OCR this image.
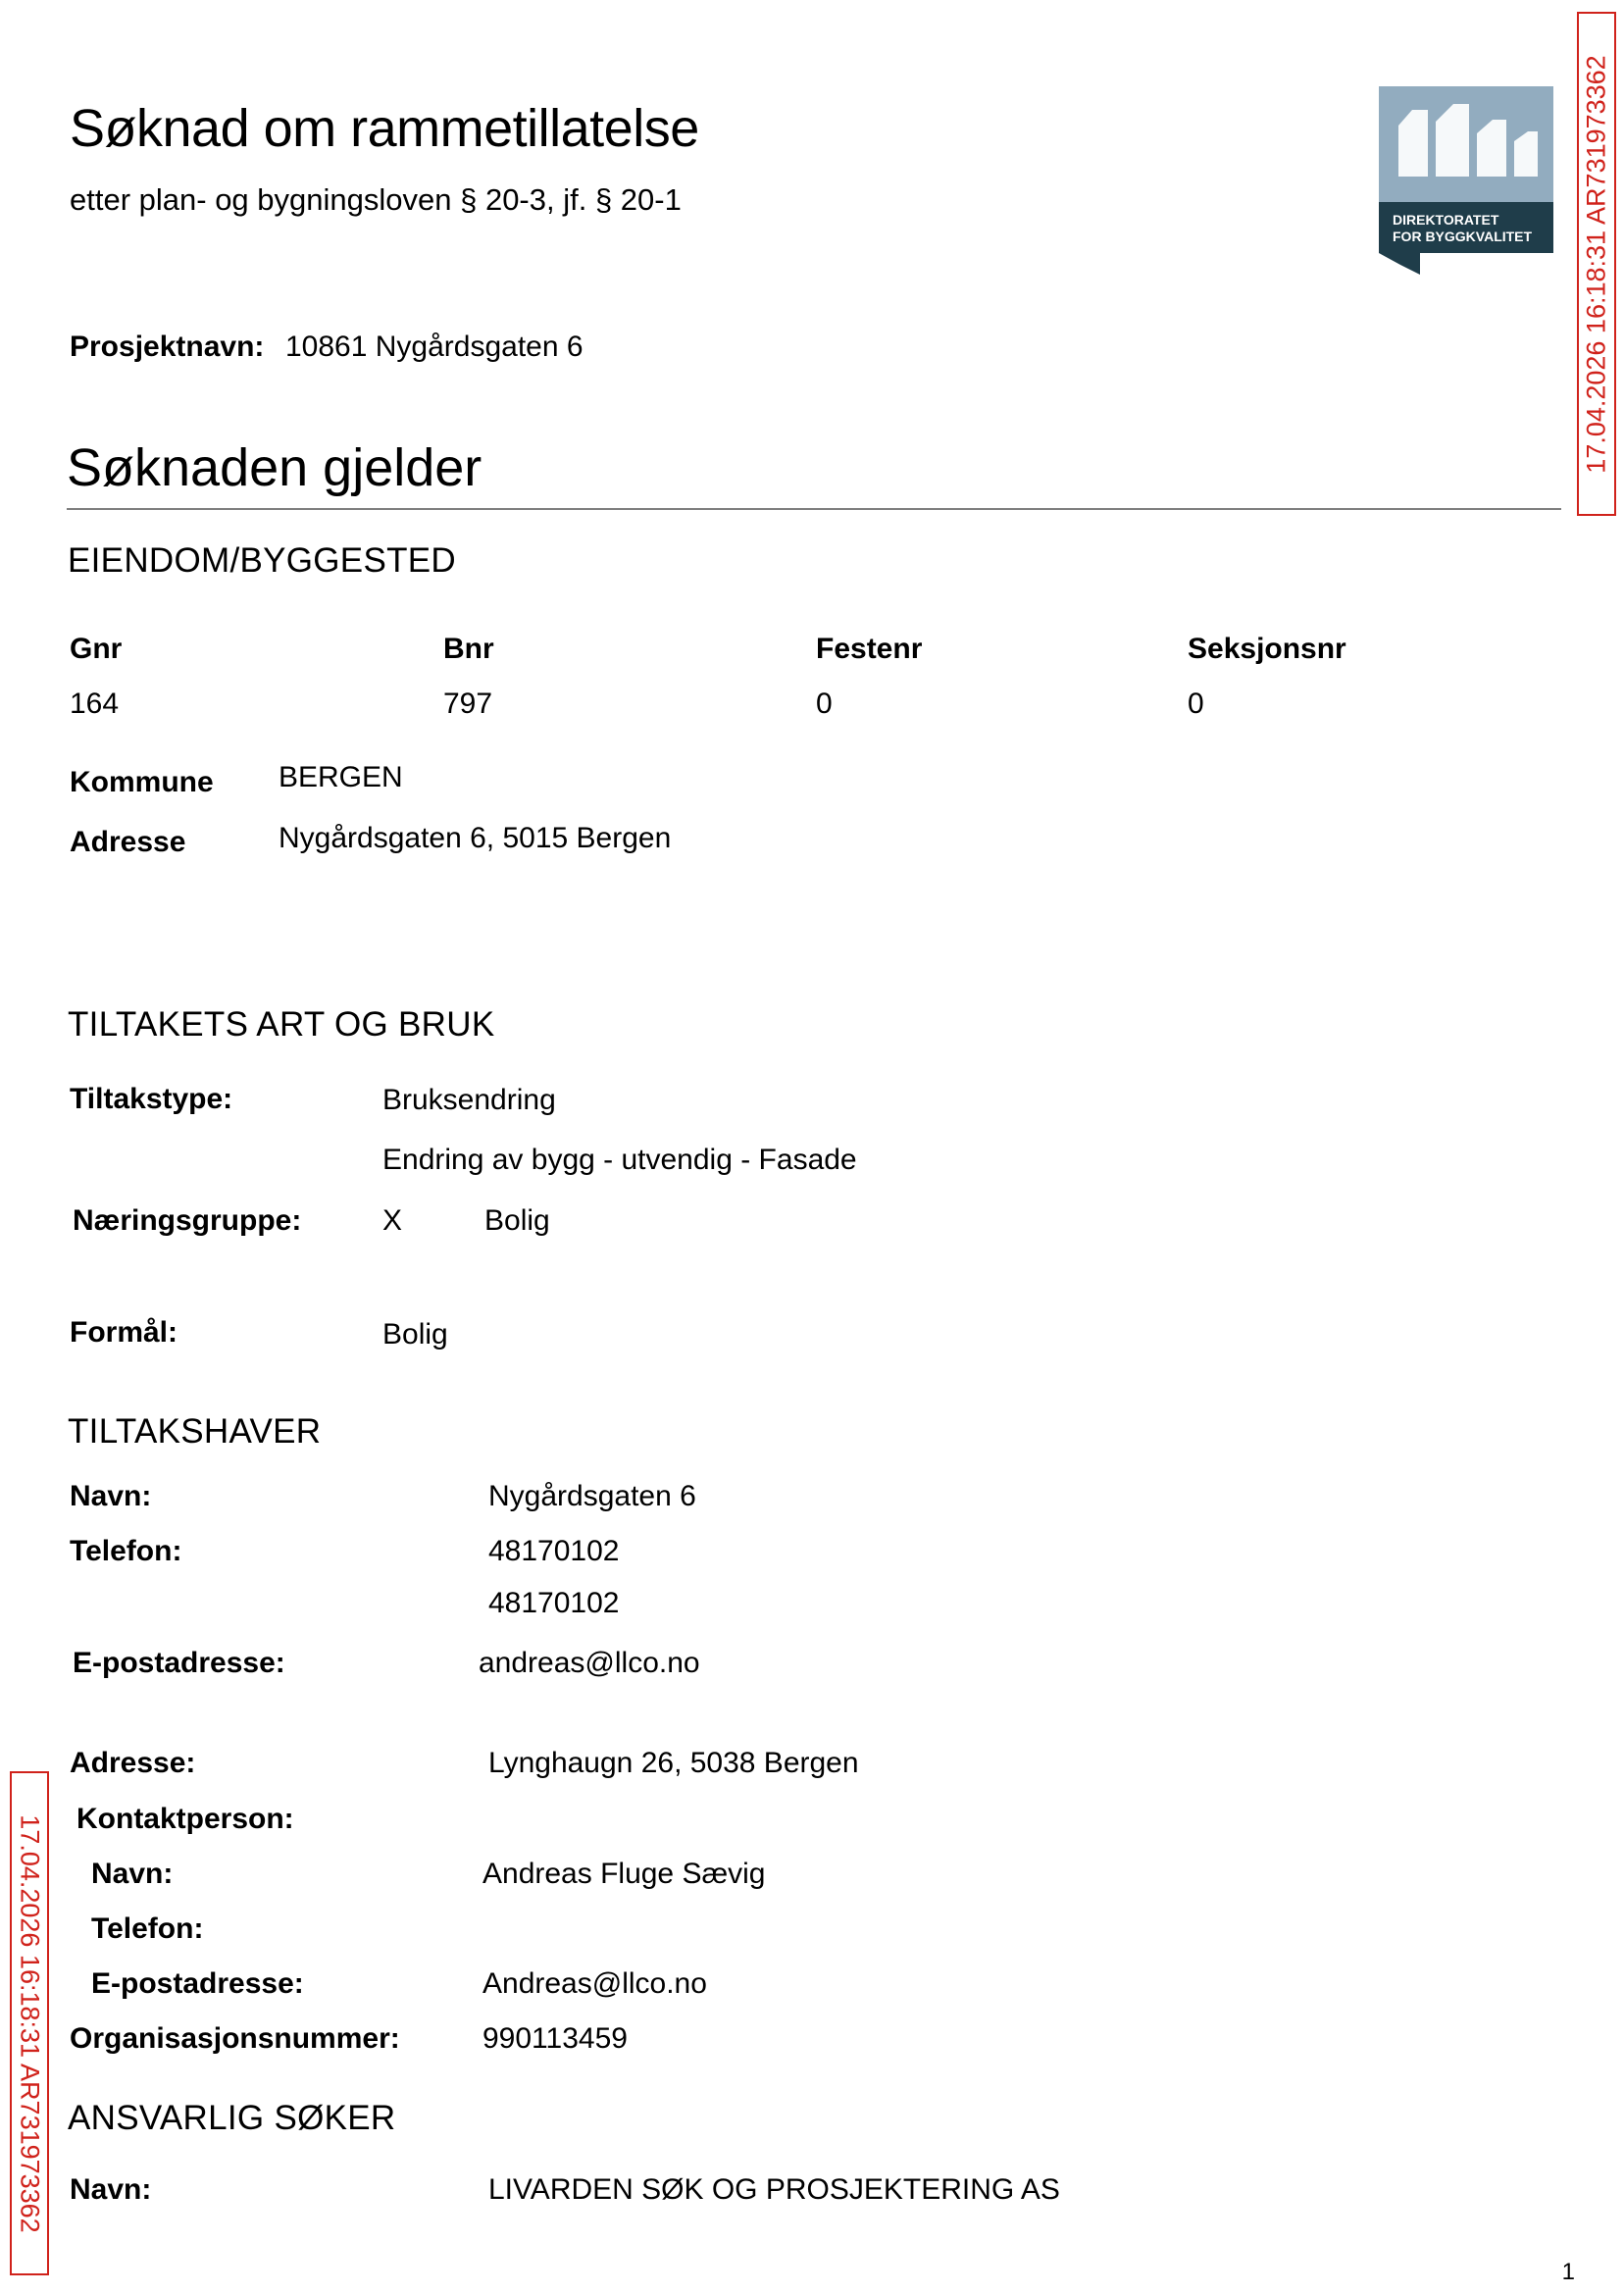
Søknad om rammetillatelse
etter plan- og bygningsloven § 20-3, jf. § 20-1
Prosjektnavn: 10861 Nygårdsgaten 6
DIREKTORATET
FOR BYGGKVALITET 17.04.2026 16:18:31 AR731973362
17.04.2026 16:18:31 AR731973362
Søknaden gjelder
EIENDOM/BYGGESTED
Gnr	Bnr	Festenr	Seksjonsnr
164	797	0	0
Kommune BERGEN
Adresse	Nygårdsgaten 6, 5015 Bergen
TILTAKETS ART OG BRUK
Tiltakstype:	Bruksendring
Endring av bygg - utvendig - Fasade
Næringsgruppe:	X	Bolig
Formål:	Bolig
TILTAKSHAVER
Navn:	Nygårdsgaten 6
Telefon:	48170102
48170102
E-postadresse:	andreas@llco.no
Adresse:	Lynghaugn 26, 5038 Bergen
Kontaktperson:
Navn:	Andreas Fluge Sævig
Telefon:
E-postadresse:	Andreas@llco.no
Organisasjonsnummer:	990113459
ANSVARLIG SØKER
Navn:	LIVARDEN SØK OG PROSJEKTERING AS
1
